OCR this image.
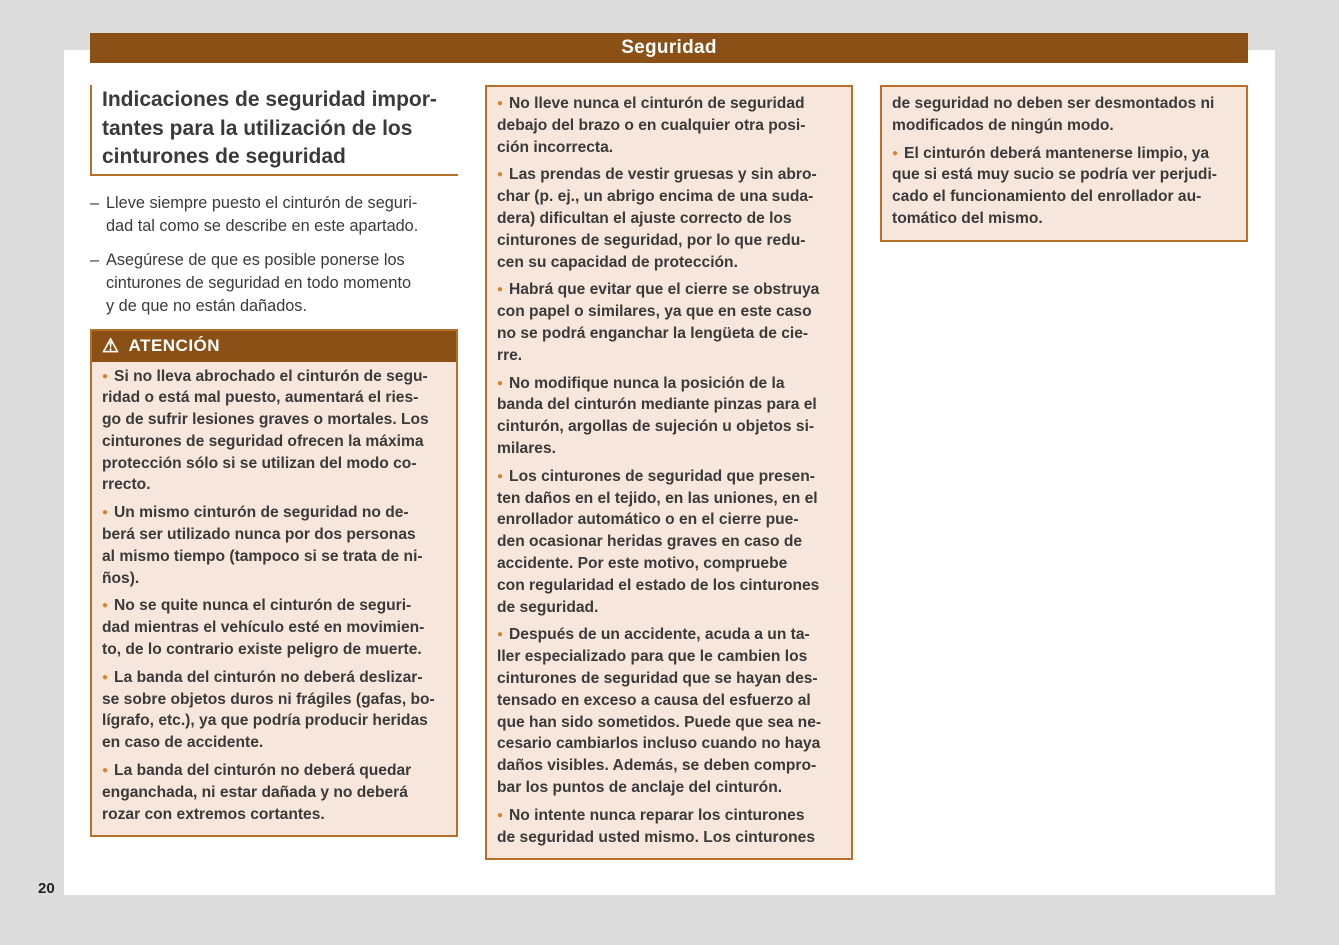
Seguridad
Indicaciones de seguridad impor-
tantes para la utilización de los
cinturones de seguridad
– Lleve siempre puesto el cinturón de seguri-
dad tal como se describe en este apartado.
– Asegúrese de que es posible ponerse los
cinturones de seguridad en todo momento
y de que no están dañados.
⚠ ATENCIÓN

● Si no lleva abrochado el cinturón de segu-
ridad o está mal puesto, aumentará el ries-
go de sufrir lesiones graves o mortales. Los
cinturones de seguridad ofrecen la máxima
protección sólo si se utilizan del modo co-
rrecto.

● Un mismo cinturón de seguridad no de-
berá ser utilizado nunca por dos personas
al mismo tiempo (tampoco si se trata de ni-
ños).

● No se quite nunca el cinturón de seguri-
dad mientras el vehículo esté en movimien-
to, de lo contrario existe peligro de muerte.

● La banda del cinturón no deberá deslizar-
se sobre objetos duros ni frágiles (gafas, bo-
lígrafo, etc.), ya que podría producir heridas
en caso de accidente.

● La banda del cinturón no deberá quedar
enganchada, ni estar dañada y no deberá
rozar con extremos cortantes.

● No lleve nunca el cinturón de seguridad
debajo del brazo o en cualquier otra posi-
ción incorrecta.

● Las prendas de vestir gruesas y sin abro-
char (p. ej., un abrigo encima de una suda-
dera) dificultan el ajuste correcto de los
cinturones de seguridad, por lo que redu-
cen su capacidad de protección.

● Habrá que evitar que el cierre se obstruya
con papel o similares, ya que en este caso
no se podrá enganchar la lengüeta de cie-
rre.

● No modifique nunca la posición de la
banda del cinturón mediante pinzas para el
cinturón, argollas de sujeción u objetos si-
milares.

● Los cinturones de seguridad que presen-
ten daños en el tejido, en las uniones, en el
enrollador automático o en el cierre pue-
den ocasionar heridas graves en caso de
accidente. Por este motivo, compruebe
con regularidad el estado de los cinturones
de seguridad.

● Después de un accidente, acuda a un ta-
ller especializado para que le cambien los
cinturones de seguridad que se hayan des-
tensado en exceso a causa del esfuerzo al
que han sido sometidos. Puede que sea ne-
cesario cambiarlos incluso cuando no haya
daños visibles. Además, se deben compro-
bar los puntos de anclaje del cinturón.

● No intente nunca reparar los cinturones
de seguridad usted mismo. Los cinturones

de seguridad no deben ser desmontados ni
modificados de ningún modo.

● El cinturón deberá mantenerse limpio, ya
que si está muy sucio se podría ver perjudi-
cado el funcionamiento del enrollador au-
tomático del mismo.

20
